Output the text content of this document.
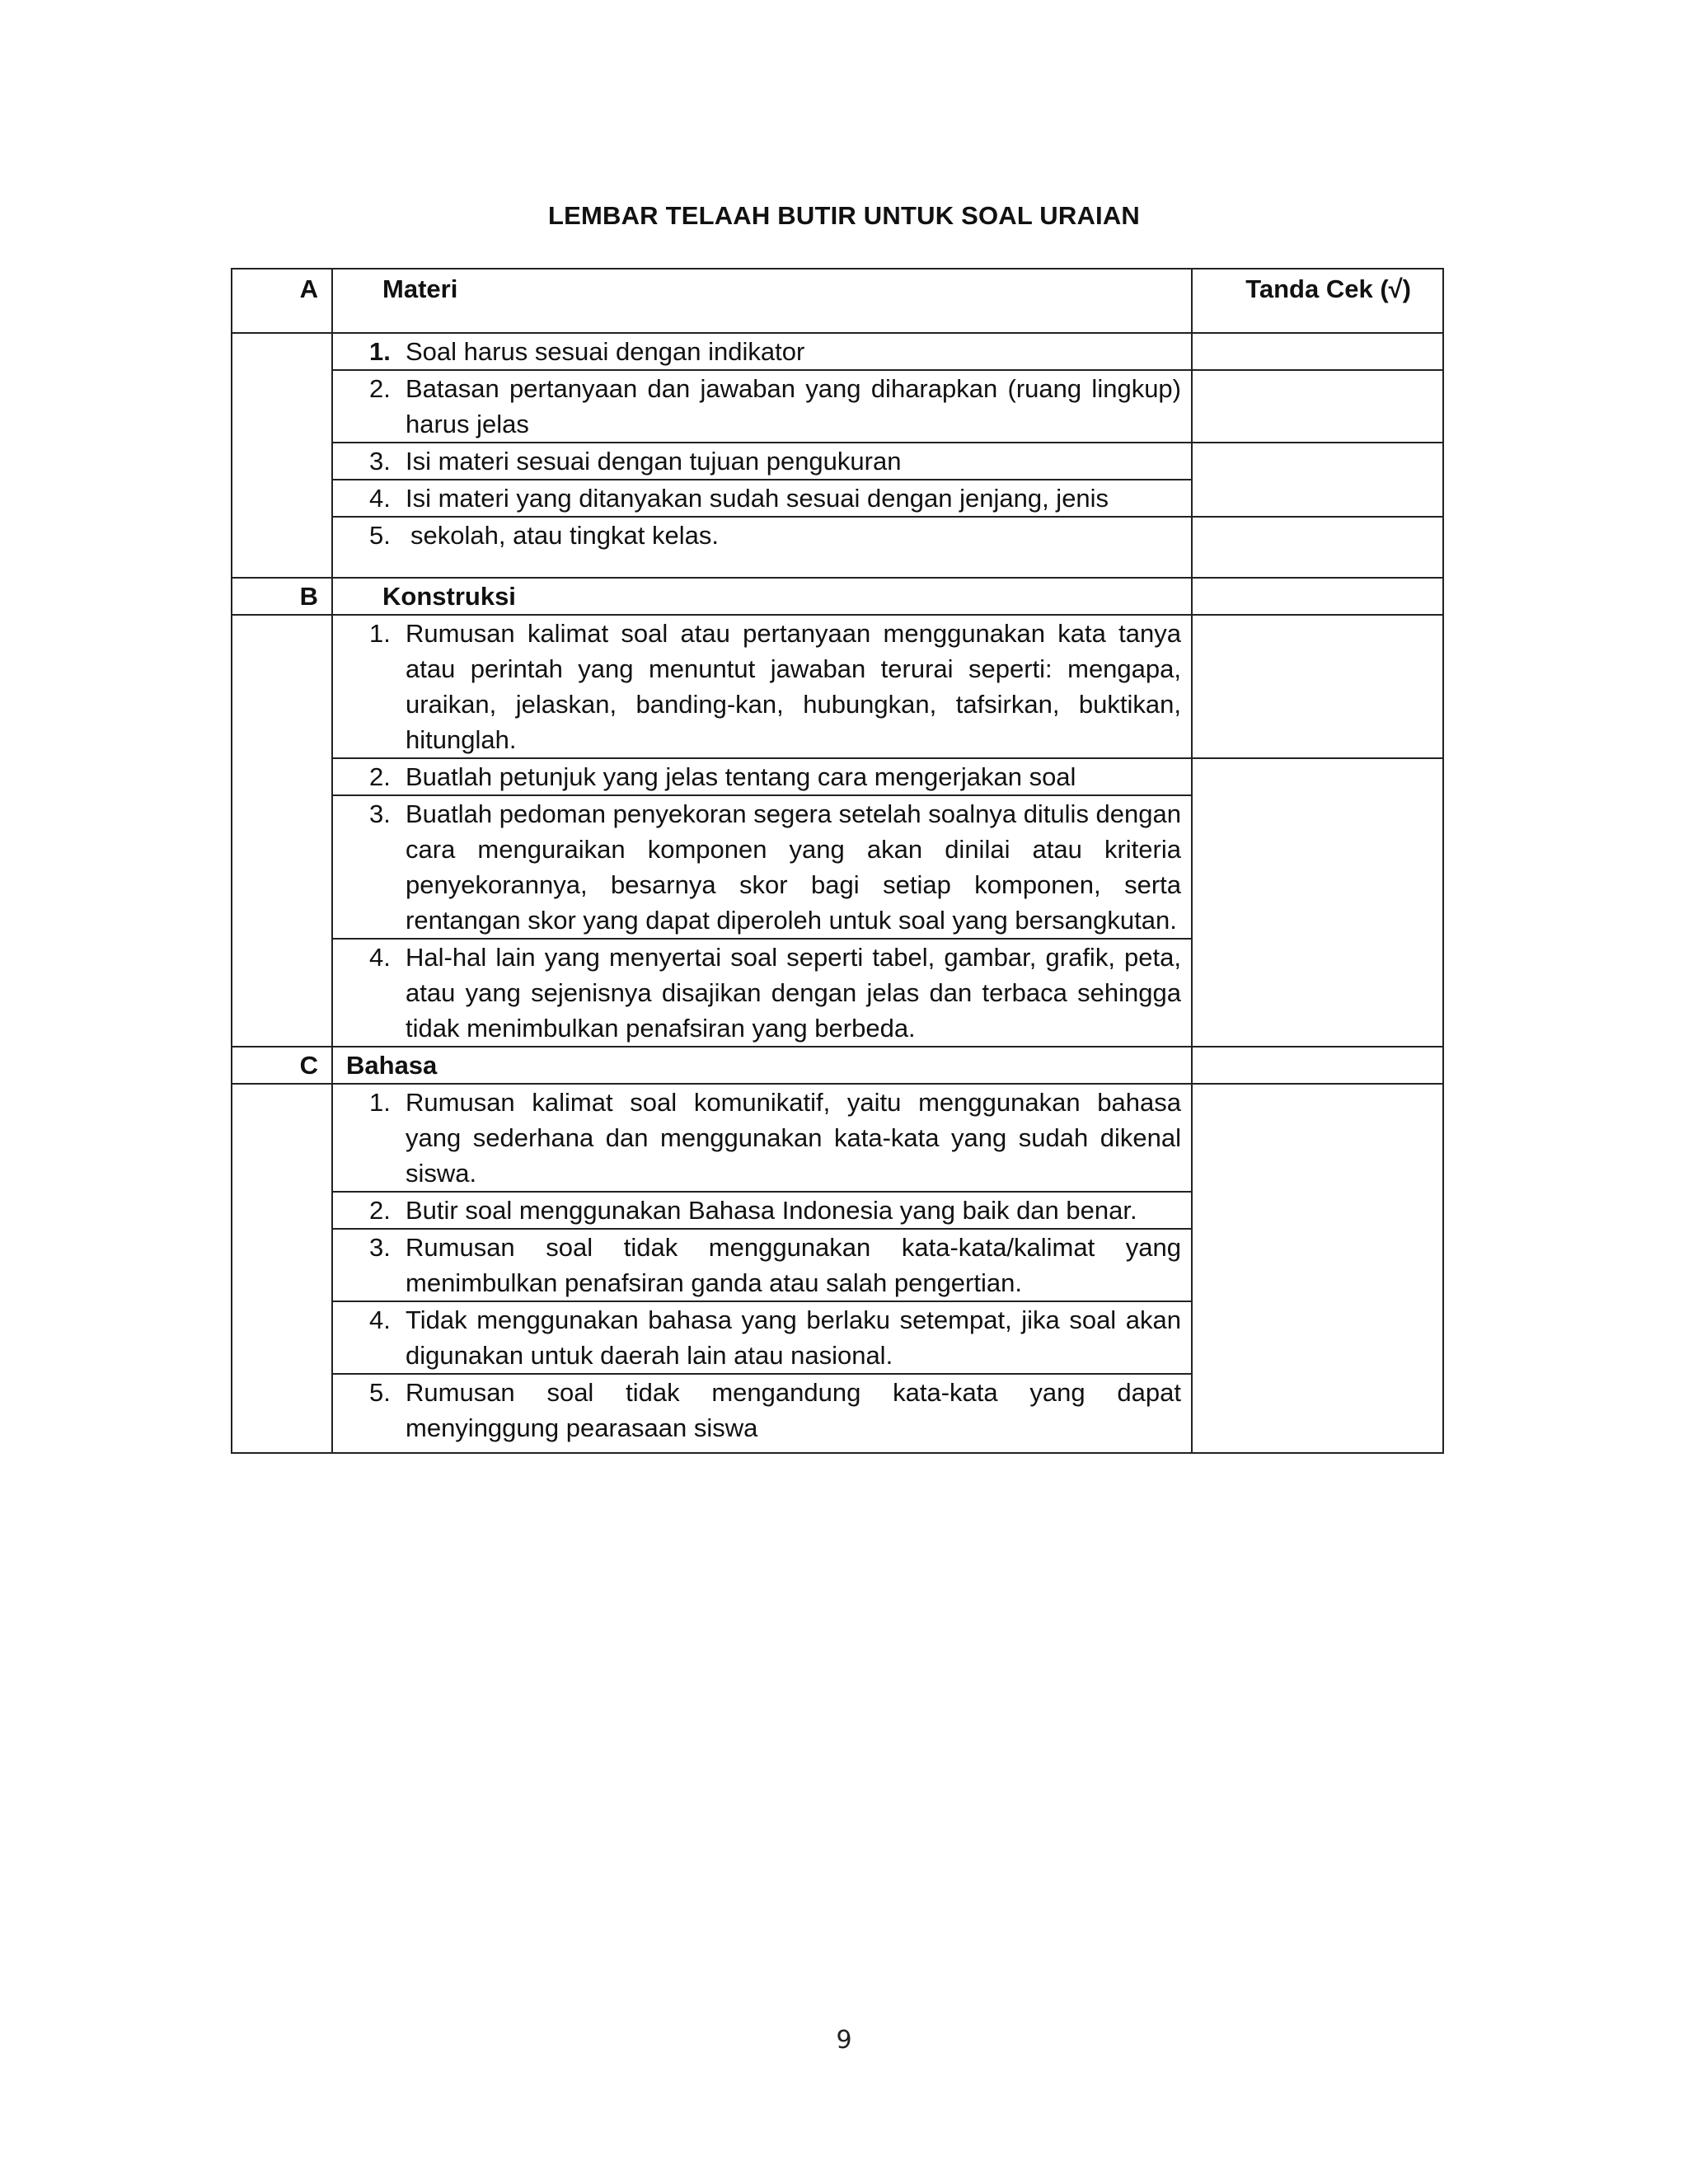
LEMBAR TELAAH BUTIR UNTUK SOAL URAIAN
A	Materi	Tanda Cek (√)

	1. Soal harus sesuai dengan indikator	

	2. Batasan pertanyaan dan jawaban yang diharapkan (ruang lingkup) harus jelas	

	3. Isi materi sesuai dengan tujuan pengukuran	

	4. Isi materi yang ditanyakan sudah sesuai dengan jenjang, jenis	

	5. sekolah, atau tingkat kelas.	

B	Konstruksi	

	1. Rumusan kalimat soal atau pertanyaan menggunakan kata tanya atau perintah yang menuntut jawaban terurai seperti: mengapa, uraikan, jelaskan, banding-kan, hubungkan, tafsirkan, buktikan, hitunglah.	

	2. Buatlah petunjuk yang jelas tentang cara mengerjakan soal	

	3. Buatlah pedoman penyekoran segera setelah soalnya ditulis dengan cara menguraikan komponen yang akan dinilai atau kriteria penyekorannya, besarnya skor bagi setiap komponen, serta rentangan skor yang dapat diperoleh untuk soal yang bersangkutan.	

	4. Hal-hal lain yang menyertai soal seperti tabel, gambar, grafik, peta, atau yang sejenisnya disajikan dengan jelas dan terbaca sehingga tidak menimbulkan penafsiran yang berbeda.	

C	Bahasa	

	1. Rumusan kalimat soal komunikatif, yaitu menggunakan bahasa yang sederhana dan menggunakan kata-kata yang sudah dikenal siswa.	

	2. Butir soal menggunakan Bahasa Indonesia yang baik dan benar.	

	3. Rumusan soal tidak menggunakan kata-kata/kalimat yang menimbulkan penafsiran ganda atau salah pengertian.	

	4. Tidak menggunakan bahasa yang berlaku setempat, jika soal akan digunakan untuk daerah lain atau nasional.	

	5. Rumusan soal tidak mengandung kata-kata yang dapat menyinggung pearasaan siswa	
9
